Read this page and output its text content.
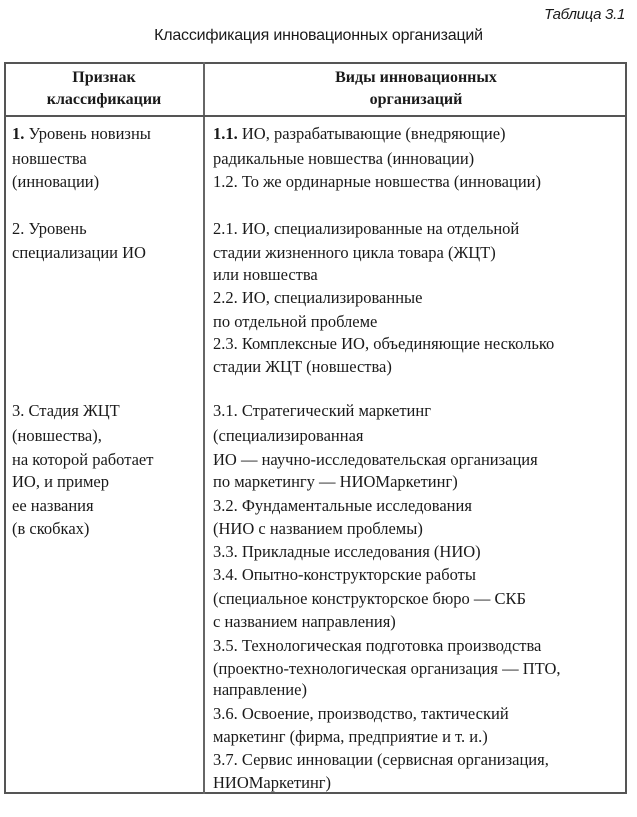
Таблица 3.1
Классификация инновационных организаций
Признак
классификации
Виды инновационных
организаций
1. Уровень новизны
новшества
(инновации)
1.1. ИО, разрабатывающие (внедряющие)
радикальные новшества (инновации)
1.2. То же ординарные новшества (инновации)
2. Уровень
специализации ИО
2.1. ИО, специализированные на отдельной
стадии жизненного цикла товара (ЖЦТ)
или новшества
2.2. ИО, специализированные
по отдельной проблеме
2.3. Комплексные ИО, объединяющие несколько
стадии ЖЦТ (новшества)
3. Стадия ЖЦТ
(новшества),
на которой работает
ИО, и пример
ее названия
(в скобках)
3.1. Стратегический маркетинг
(специализированная
ИО — научно-исследовательская организация
по маркетингу — НИОМаркетинг)
3.2. Фундаментальные исследования
(НИО с названием проблемы)
3.3. Прикладные исследования (НИО)
3.4. Опытно-конструкторские работы
(специальное конструкторское бюро — СКБ
с названием направления)
3.5. Технологическая подготовка производства
(проектно-технологическая организация — ПТО,
направление)
3.6. Освоение, производство, тактический
маркетинг (фирма, предприятие и т. и.)
3.7. Сервис инновации (сервисная организация,
НИОМаркетинг)
